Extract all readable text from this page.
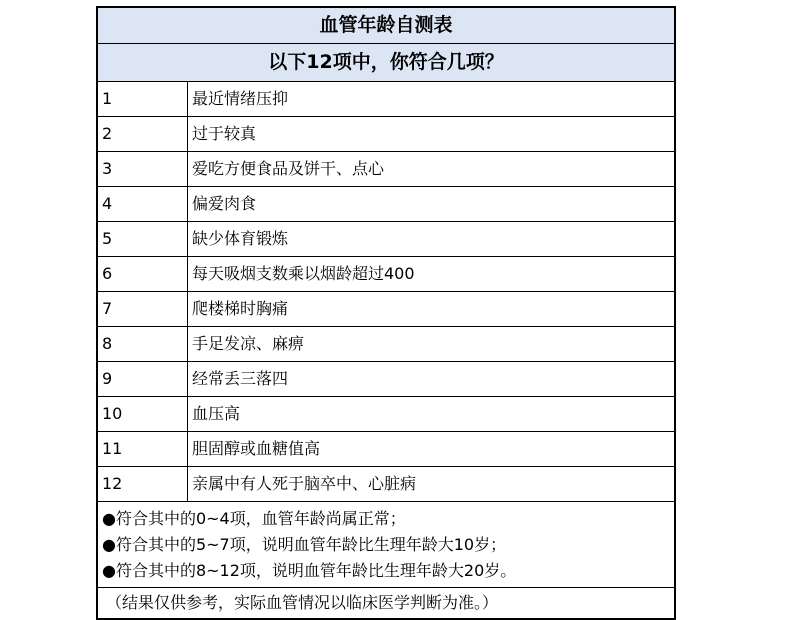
血管年龄自测表
以下12项中，你符合几项？
1	最近情绪压抑
2	过于较真
3	爱吃方便食品及饼干、点心
4	偏爱肉食
5	缺少体育锻炼
6	每天吸烟支数乘以烟龄超过400
7	爬楼梯时胸痛
8	手足发凉、麻痹
9	经常丢三落四
10	血压高
11	胆固醇或血糖值高
12	亲属中有人死于脑卒中、心脏病
●符合其中的0~4项，血管年龄尚属正常；
●符合其中的5~7项，说明血管年龄比生理年龄大10岁；
●符合其中的8~12项，说明血管年龄比生理年龄大20岁。
（结果仅供参考，实际血管情况以临床医学判断为准。）
